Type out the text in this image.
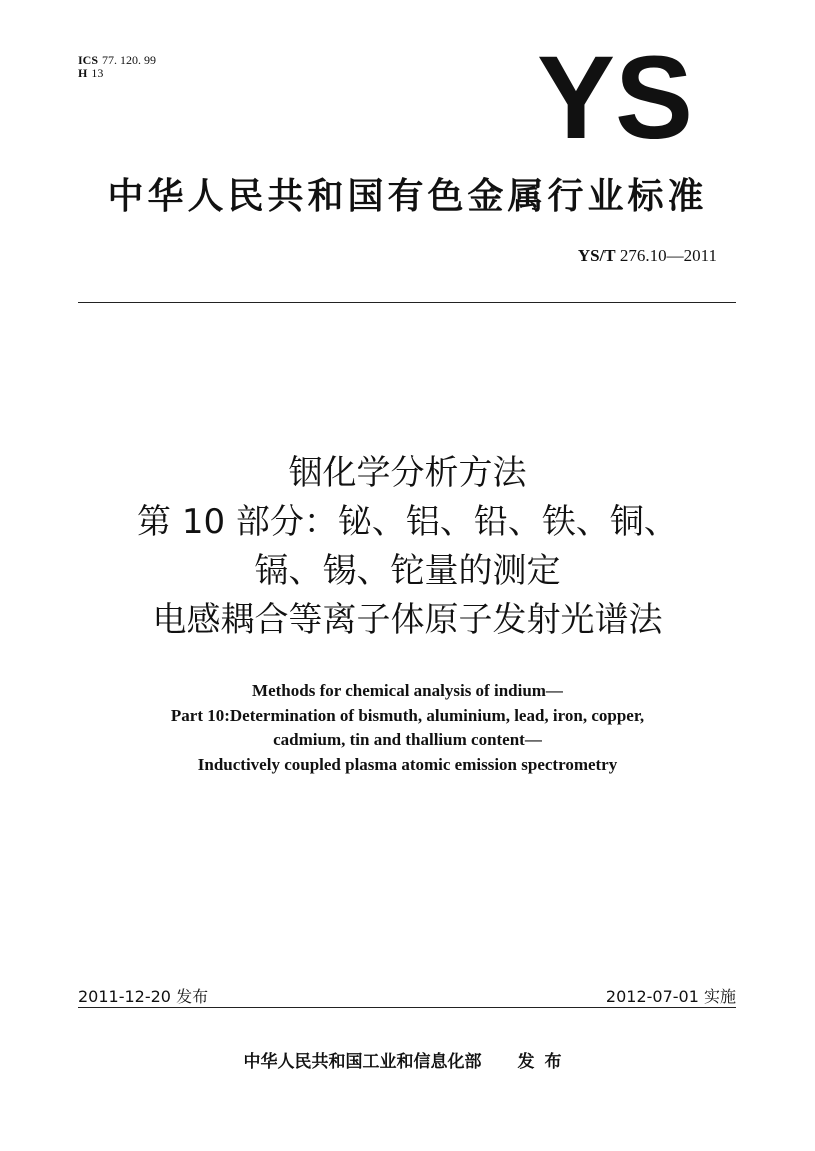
ICS 77. 120. 99
H 13	YS
中华人民共和国有色金属行业标准
YS/T 276.10—2011
铟化学分析方法
第 10 部分：铋、铝、铅、铁、铜、
镉、锡、铊量的测定
电感耦合等离子体原子发射光谱法
Methods for chemical analysis of indium—
Part 10:Determination of bismuth, aluminium, lead, iron, copper,
cadmium, tin and thallium content—
Inductively coupled plasma atomic emission spectrometry
2011-12-20 发布	2012-07-01 实施
中华人民共和国工业和信息化部 发布
